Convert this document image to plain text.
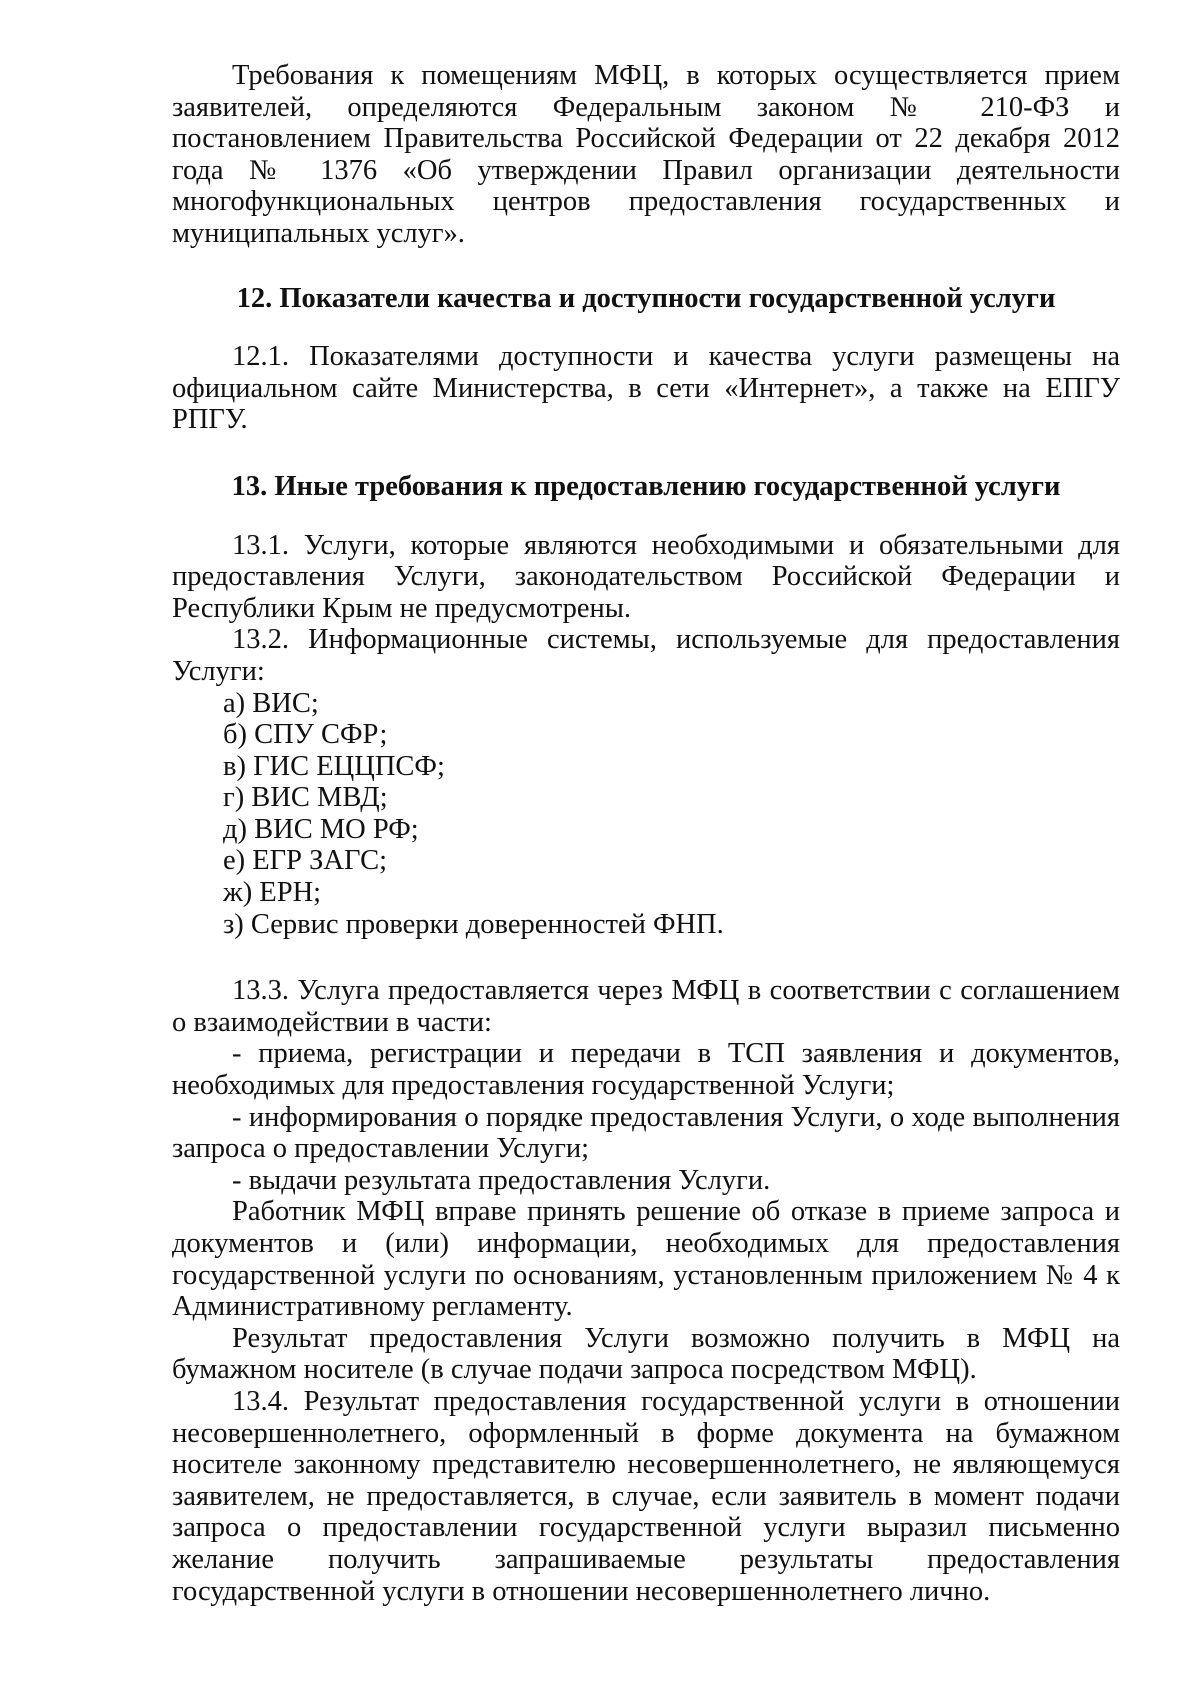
Требования к помещениям МФЦ, в которых осуществляется прием заявителей, определяются Федеральным законом № 210-ФЗ и постановлением Правительства Российской Федерации от 22 декабря 2012 года № 1376 «Об утверждении Правил организации деятельности многофункциональных центров предоставления государственных и муниципальных услуг».

12. Показатели качества и доступности государственной услуги

12.1. Показателями доступности и качества услуги размещены на официальном сайте Министерства, в сети «Интернет», а также на ЕПГУ РПГУ.

13. Иные требования к предоставлению государственной услуги

13.1. Услуги, которые являются необходимыми и обязательными для предоставления Услуги, законодательством Российской Федерации и Республики Крым не предусмотрены.

13.2. Информационные системы, используемые для предоставления Услуги:

а) ВИС;
б) СПУ СФР;
в) ГИС ЕЦЦПСФ;
г) ВИС МВД;
д) ВИС МО РФ;
е) ЕГР ЗАГС;
ж) ЕРН;
з) Сервис проверки доверенностей ФНП.

13.3. Услуга предоставляется через МФЦ в соответствии с соглашением о взаимодействии в части:

- приема, регистрации и передачи в ТСП заявления и документов, необходимых для предоставления государственной Услуги;

- информирования о порядке предоставления Услуги, о ходе выполнения запроса о предоставлении Услуги;

- выдачи результата предоставления Услуги.

Работник МФЦ вправе принять решение об отказе в приеме запроса и документов и (или) информации, необходимых для предоставления государственной услуги по основаниям, установленным приложением № 4 к Административному регламенту.

Результат предоставления Услуги возможно получить в МФЦ на бумажном носителе (в случае подачи запроса посредством МФЦ).

13.4. Результат предоставления государственной услуги в отношении несовершеннолетнего, оформленный в форме документа на бумажном носителе законному представителю несовершеннолетнего, не являющемуся заявителем, не предоставляется, в случае, если заявитель в момент подачи запроса о предоставлении государственной услуги выразил письменно желание получить запрашиваемые результаты предоставления государственной услуги в отношении несовершеннолетнего лично.
